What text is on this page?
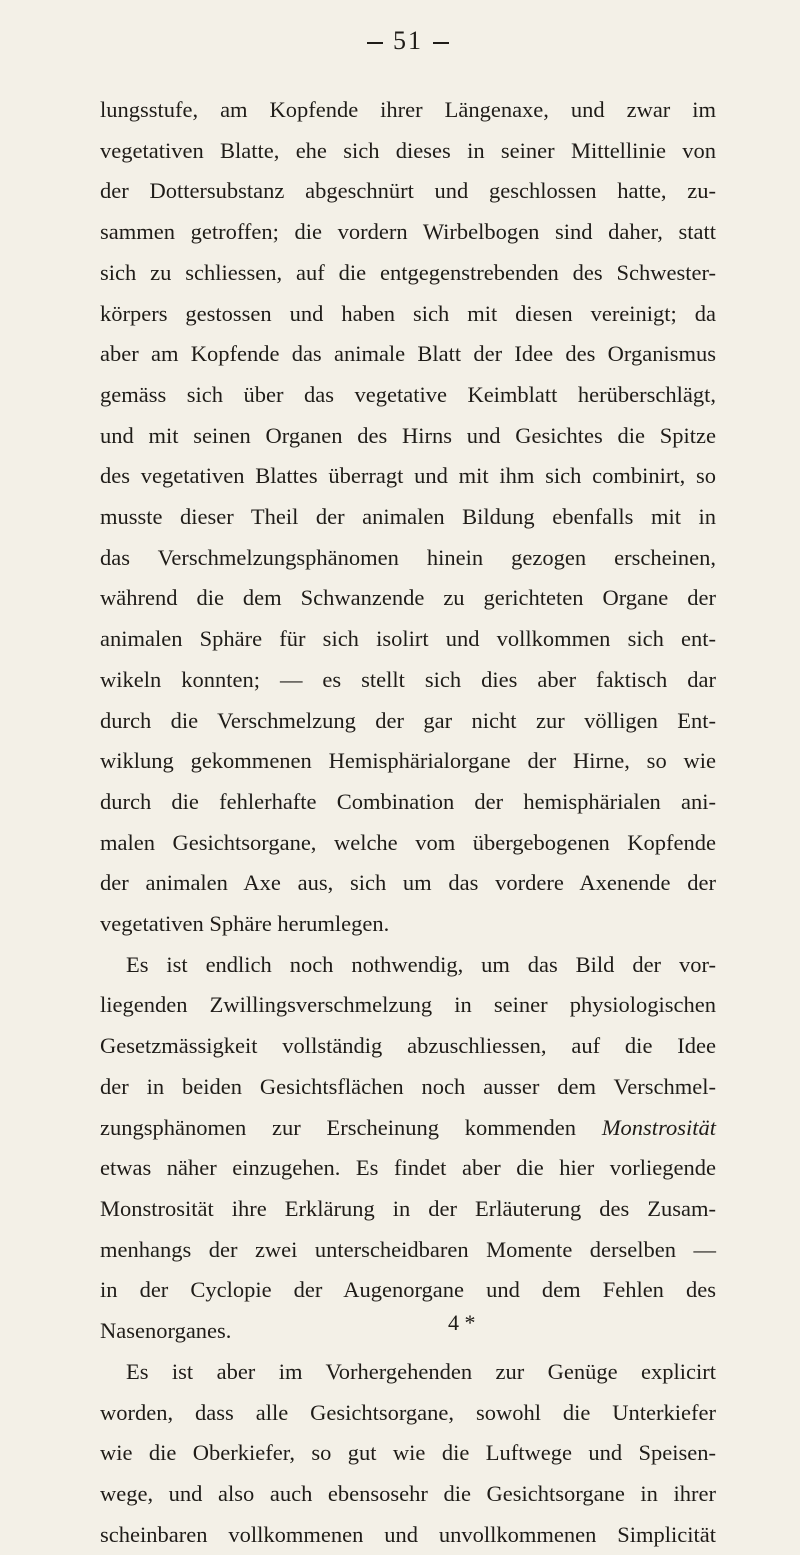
51
lungsstufe, am Kopfende ihrer Längenaxe, und zwar im
vegetativen Blatte, ehe sich dieses in seiner Mittellinie von
der Dottersubstanz abgeschnürt und geschlossen hatte, zu-
sammen getroffen; die vordern Wirbelbogen sind daher, statt
sich zu schliessen, auf die entgegenstrebenden des Schwester-
körpers gestossen und haben sich mit diesen vereinigt; da
aber am Kopfende das animale Blatt der Idee des Organismus
gemäss sich über das vegetative Keimblatt herüberschlägt,
und mit seinen Organen des Hirns und Gesichtes die Spitze
des vegetativen Blattes überragt und mit ihm sich combinirt, so
musste dieser Theil der animalen Bildung ebenfalls mit in
das Verschmelzungsphänomen hinein gezogen erscheinen,
während die dem Schwanzende zu gerichteten Organe der
animalen Sphäre für sich isolirt und vollkommen sich ent-
wikeln konnten; — es stellt sich dies aber faktisch dar
durch die Verschmelzung der gar nicht zur völligen Ent-
wiklung gekommenen Hemisphärialorgane der Hirne, so wie
durch die fehlerhafte Combination der hemisphärialen ani-
malen Gesichtsorgane, welche vom übergebogenen Kopfende
der animalen Axe aus, sich um das vordere Axenende der
vegetativen Sphäre herumlegen.
Es ist endlich noch nothwendig, um das Bild der vor-
liegenden Zwillingsverschmelzung in seiner physiologischen
Gesetzmässigkeit vollständig abzuschliessen, auf die Idee
der in beiden Gesichtsflächen noch ausser dem Verschmel-
zungsphänomen zur Erscheinung kommenden Monstrosität
etwas näher einzugehen. Es findet aber die hier vorliegende
Monstrosität ihre Erklärung in der Erläuterung des Zusam-
menhangs der zwei unterscheidbaren Momente derselben —
in der Cyclopie der Augenorgane und dem Fehlen des
Nasenorganes.
Es ist aber im Vorhergehenden zur Genüge explicirt
worden, dass alle Gesichtsorgane, sowohl die Unterkiefer
wie die Oberkiefer, so gut wie die Luftwege und Speisen-
wege, und also auch ebensosehr die Gesichtsorgane in ihrer
scheinbaren vollkommenen und unvollkommenen Simplicität
4 *
